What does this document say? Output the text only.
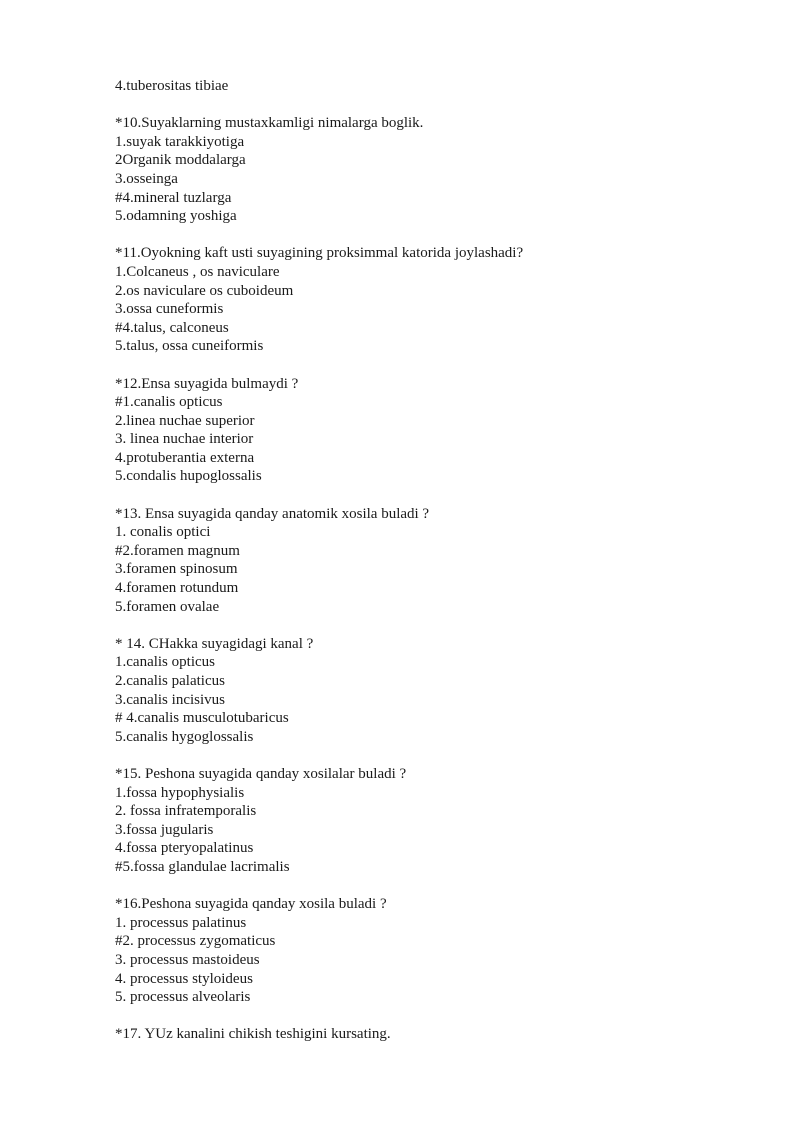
4.tuberositas tibiae
*10.Suyaklarning mustaxkamligi nimalarga boglik.
1.suyak tarakkiyotiga
2Organik moddalarga
3.osseinga
#4.mineral tuzlarga
5.odamning yoshiga
*11.Oyokning kaft usti suyagining proksimmal katorida joylashadi?
1.Colcaneus , os naviculare
2.os naviculare os cuboideum
3.ossa cuneformis
#4.talus, calconeus
5.talus, ossa cuneiformis
*12.Ensa suyagida bulmaydi ?
#1.canalis opticus
2.linea nuchae superior
3. linea nuchae interior
4.protuberantia externa
5.condalis hupoglossalis
*13. Ensa suyagida qanday anatomik xosila buladi ?
1. conalis optici
#2.foramen magnum
3.foramen spinosum
4.foramen rotundum
5.foramen ovalae
* 14. CHakka suyagidagi kanal ?
1.canalis opticus
2.canalis palaticus
3.canalis incisivus
# 4.canalis musculotubaricus
5.canalis hygoglossalis
*15. Peshona suyagida qanday xosilalar buladi ?
1.fossa hypophysialis
2. fossa infratemporalis
3.fossa jugularis
4.fossa pteryopalatinus
#5.fossa glandulae lacrimalis
*16.Peshona suyagida qanday xosila buladi ?
1. processus palatinus
#2. processus zygomaticus
3. processus mastoideus
4. processus styloideus
5. processus alveolaris
*17. YUz kanalini chikish teshigini kursating.
